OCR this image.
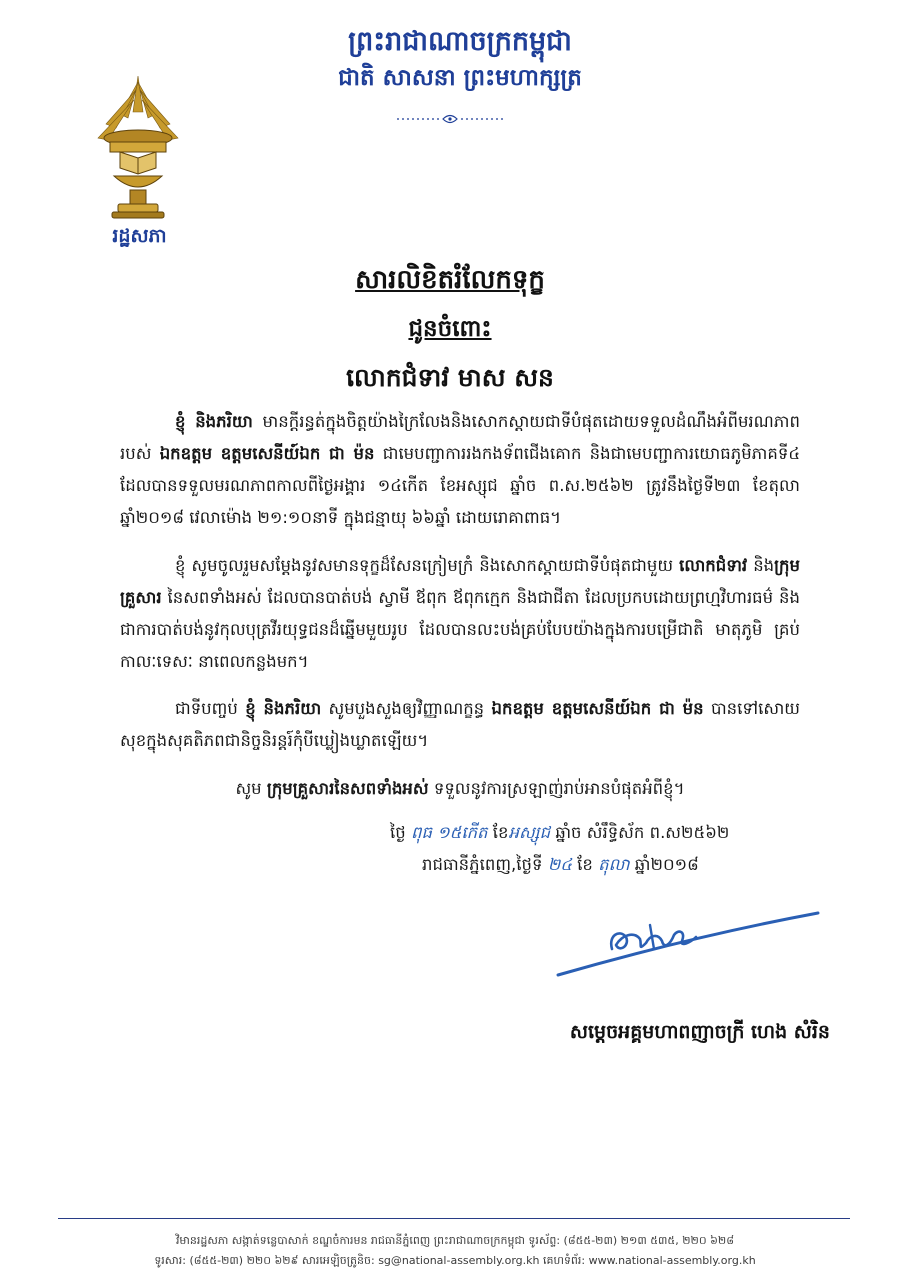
ព្រះរាជាណាចក្រកម្ពុជា
ជាតិ សាសនា ព្រះមហាក្សត្រ
រដ្ឋសភា
សារលិខិតរំលែកទុក្ខ
ជូនចំពោះ
លោកជំទាវ មាស សន
ខ្ញុំ និងភរិយា មានក្តីរន្ធត់ក្នុងចិត្តយ៉ាងក្រៃលែងនិងសោកស្តាយជាទីបំផុតដោយទទួលដំណឹងអំពីមរណភាពរបស់ ឯកឧត្តម ឧត្តមសេនីយ៍ឯក ជា ម៉ន ជាមេបញ្ជាការរងកងទ័ពជើងគោក និងជាមេបញ្ជាការយោធភូមិភាគទី៤ ដែលបានទទួលមរណភាពកាលពីថ្ងៃអង្គារ ១៤កើត ខែអស្សុជ ឆ្នាំច ព.ស.២៥៦២ ត្រូវនឹងថ្ងៃទី២៣ ខែតុលា ឆ្នាំ២០១៨ វេលាម៉ោង ២១:១០នាទី ក្នុងជន្មាយុ ៦៦ឆ្នាំ ដោយរោគាពាធ។
ខ្ញុំ សូមចូលរួមសម្តែងនូវសមានទុក្ខដ៏សែនក្រៀមក្រំ និងសោកស្តាយជាទីបំផុតជាមួយ លោកជំទាវ និងក្រុមគ្រួសារ នៃសពទាំងអស់ ដែលបានបាត់បង់ ស្វាមី ឪពុក ឪពុកក្មេក និងជាជីតា ដែលប្រកបដោយព្រហ្មវិហារធម៌ និងជាការបាត់បង់នូវកុលបុត្រវីរយុទ្ធជនដ៏ឆ្នើមមួយរូប ដែលបានលះបង់គ្រប់បែបយ៉ាងក្នុងការបម្រើជាតិ មាតុភូមិ គ្រប់កាលៈទេសៈ នាពេលកន្លងមក។
ជាទីបញ្ចប់ ខ្ញុំ និងភរិយា សូមបួងសួងឲ្យវិញ្ញាណក្ខន្ធ ឯកឧត្តម ឧត្តមសេនីយ៍ឯក ជា ម៉ន បានទៅសោយសុខក្នុងសុគតិភពជានិច្ចនិរន្តរ៍កុំបីឃ្លៀងឃ្លាតឡើយ។
សូម ក្រុមគ្រួសារនៃសពទាំងអស់ ទទួលនូវការស្រឡាញ់រាប់អានបំផុតអំពីខ្ញុំ។
ថ្ងៃ ពុធ ១៥កើត ខែអស្សុជ ឆ្នាំច សំរឹទ្ធិស័ក ព.ស២៥៦២
រាជធានីភ្នំពេញ,ថ្ងៃទី ២៤ ខែ តុលា ឆ្នាំ២០១៨
សម្តេចអគ្គមហាពញាចក្រី ហេង សំរិន
វិមានរដ្ឋសភា សង្កាត់ទន្លេបាសាក់ ខណ្ឌចំការមន រាជធានីភ្នំពេញ ព្រះរាជាណាចក្រកម្ពុជា ទូរស័ព្ទ: (៨៥៥-២៣) ២១៣ ៥៣៥, ២២០ ៦២៨
ទូរសារ: (៨៥៥-២៣) ២២០ ៦២៩ សារអេឡិចត្រូនិច: sg@national-assembly.org.kh គេហទំព័រ: www.national-assembly.org.kh
